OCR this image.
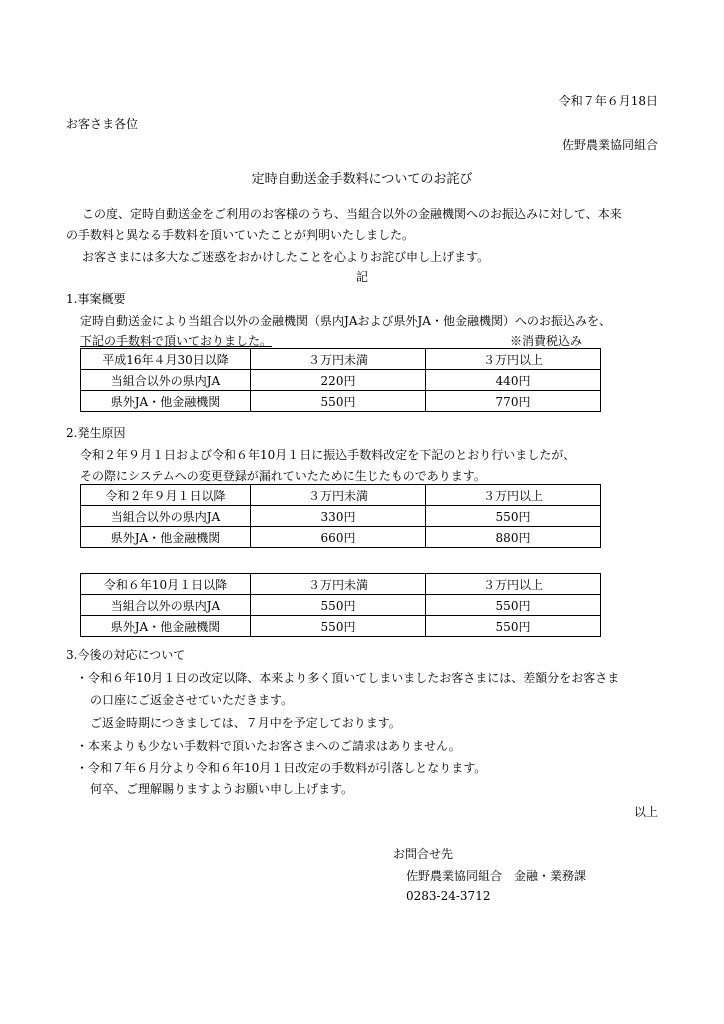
令和７年６月18日
お客さま各位
佐野農業協同組合
定時自動送金手数料についてのお詫び
この度、定時自動送金をご利用のお客様のうち、当組合以外の金融機関へのお振込みに対して、本来
の手数料と異なる手数料を頂いていたことが判明いたしました。
お客さまには多大なご迷惑をおかけしたことを心よりお詫び申し上げます。
記
1.事案概要
定時自動送金により当組合以外の金融機関（県内JAおよび県外JA・他金融機関）へのお振込みを、
下記の手数料で頂いておりました。	※消費税込み
平成16年４月30日以降	３万円未満	３万円以上
当組合以外の県内JA	220円	440円
県外JA・他金融機関	550円	770円
2.発生原因
令和２年９月１日および令和６年10月１日に振込手数料改定を下記のとおり行いましたが、
その際にシステムへの変更登録が漏れていたために生じたものであります。
令和２年９月１日以降	３万円未満	３万円以上
当組合以外の県内JA	330円	550円
県外JA・他金融機関	660円	880円
令和６年10月１日以降	３万円未満	３万円以上
当組合以外の県内JA	550円	550円
県外JA・他金融機関	550円	550円
3.今後の対応について
・令和６年10月１日の改定以降、本来より多く頂いてしまいましたお客さまには、差額分をお客さま
の口座にご返金させていただきます。
ご返金時期につきましては、７月中を予定しております。
・本来よりも少ない手数料で頂いたお客さまへのご請求はありません。
・令和７年６月分より令和６年10月１日改定の手数料が引落しとなります。
何卒、ご理解賜りますようお願い申し上げます。
以上
お問合せ先
佐野農業協同組合　金融・業務課
0283-24-3712
